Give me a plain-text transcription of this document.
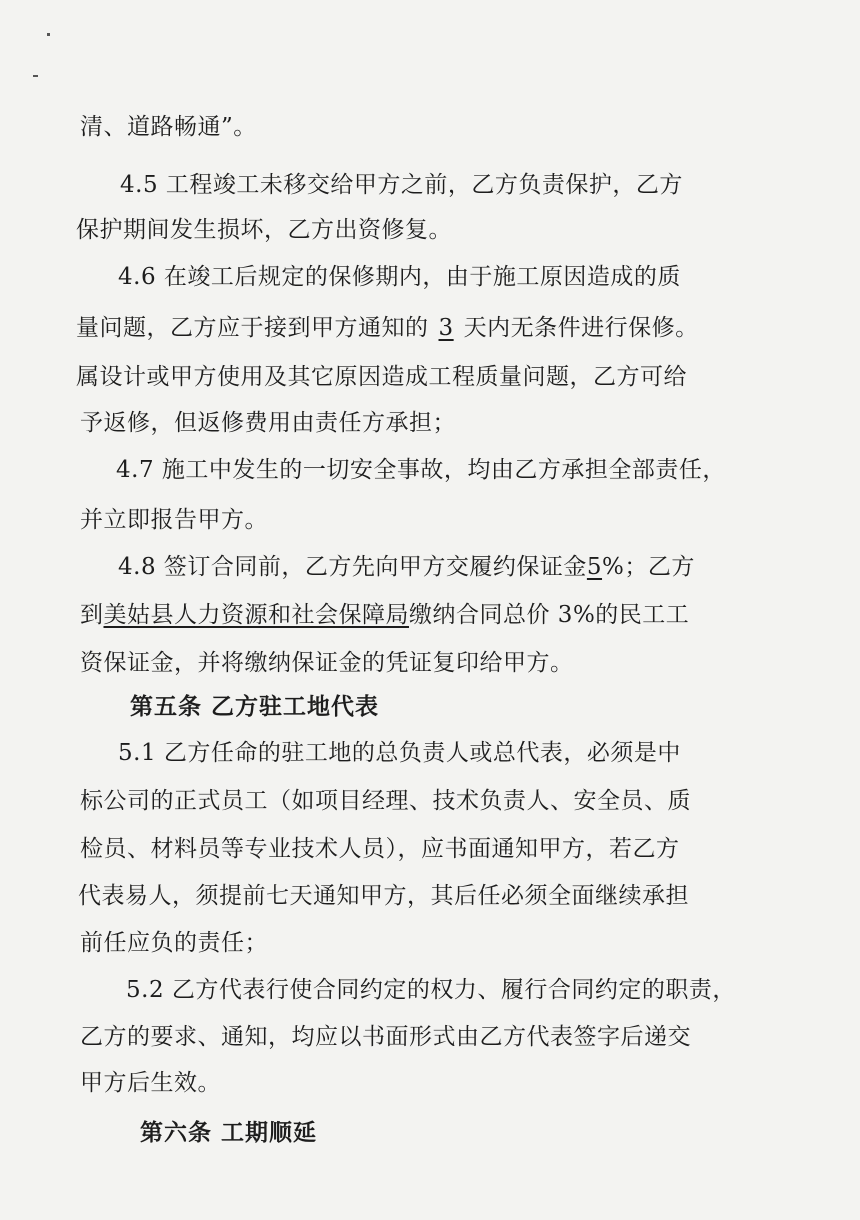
清、道路畅通”。
4.5 工程竣工未移交给甲方之前，乙方负责保护，乙方
保护期间发生损坏，乙方出资修复。
4.6 在竣工后规定的保修期内，由于施工原因造成的质
量问题，乙方应于接到甲方通知的 3 天内无条件进行保修。
属设计或甲方使用及其它原因造成工程质量问题，乙方可给
予返修，但返修费用由责任方承担；
4.7 施工中发生的一切安全事故，均由乙方承担全部责任，
并立即报告甲方。
4.8 签订合同前，乙方先向甲方交履约保证金5%；乙方
到美姑县人力资源和社会保障局缴纳合同总价 3%的民工工
资保证金，并将缴纳保证金的凭证复印给甲方。
第五条 乙方驻工地代表
5.1 乙方任命的驻工地的总负责人或总代表，必须是中
标公司的正式员工（如项目经理、技术负责人、安全员、质
检员、材料员等专业技术人员），应书面通知甲方，若乙方
代表易人，须提前七天通知甲方，其后任必须全面继续承担
前任应负的责任；
5.2 乙方代表行使合同约定的权力、履行合同约定的职责，
乙方的要求、通知，均应以书面形式由乙方代表签字后递交
甲方后生效。
第六条 工期顺延
